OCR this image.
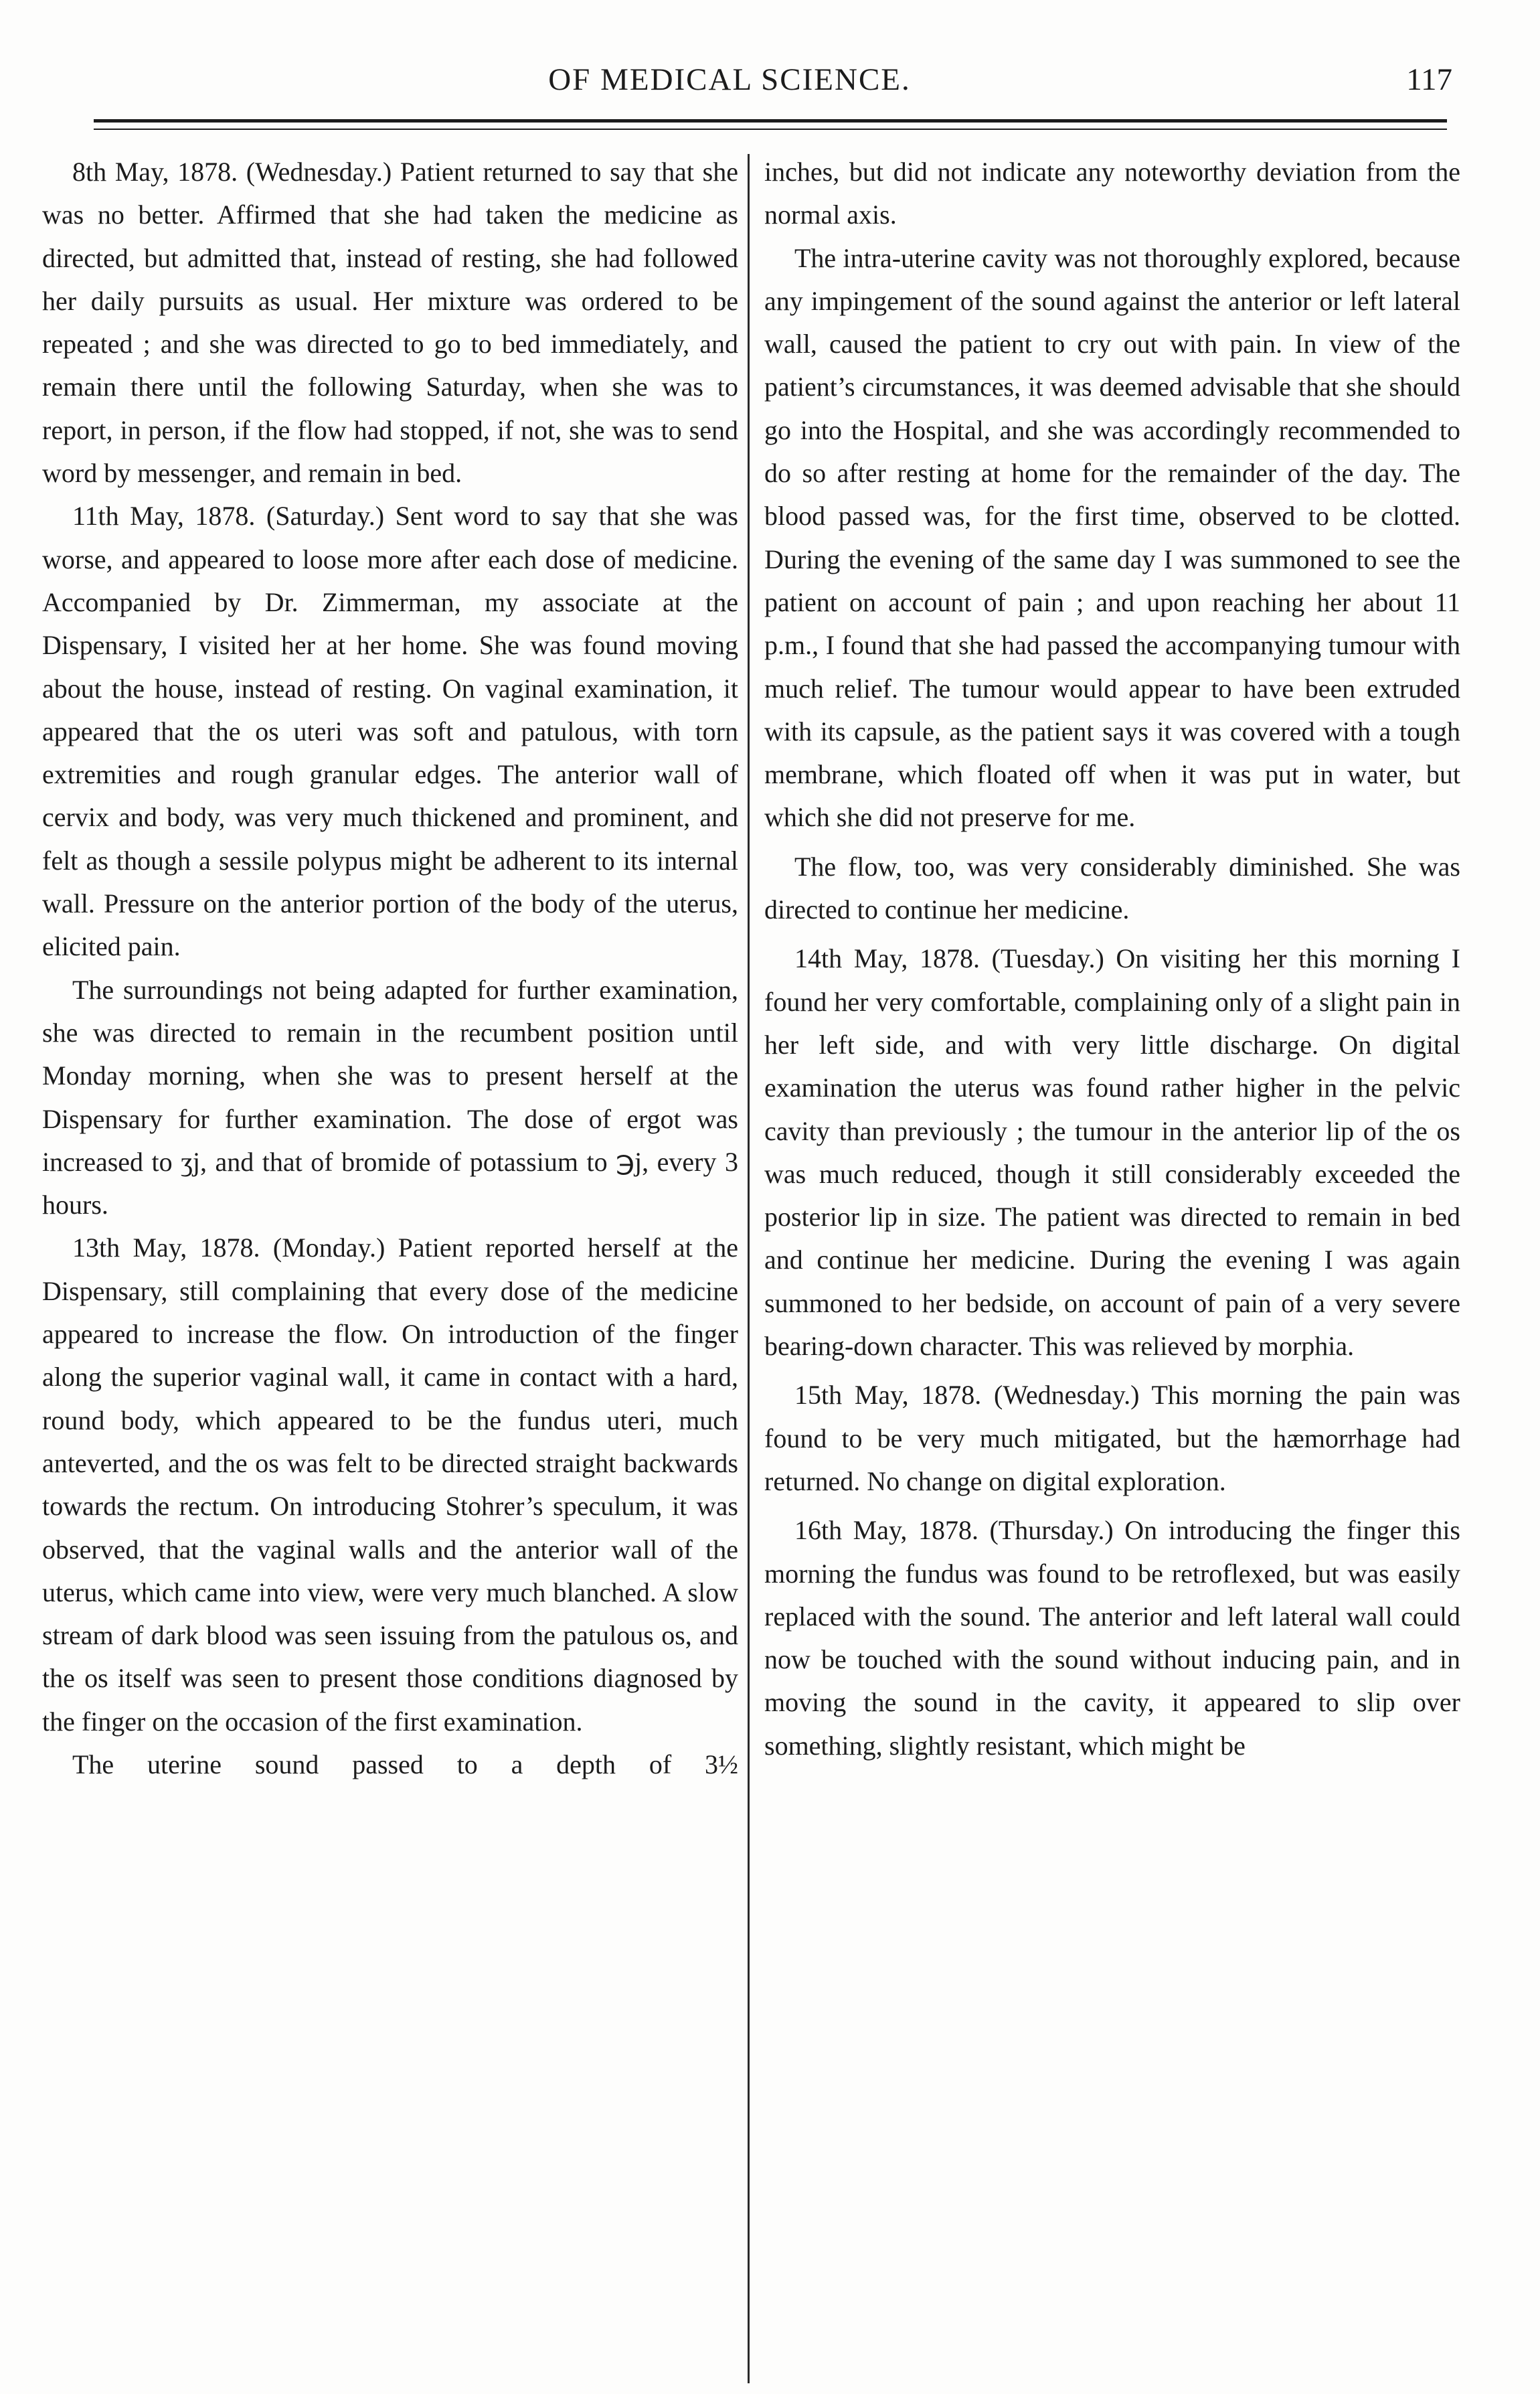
OF MEDICAL SCIENCE.	117

8th May, 1878. (Wednesday.) Patient returned to say that she was no better. Affirmed that she had taken the medicine as directed, but admitted that, instead of resting, she had followed her daily pursuits as usual. Her mixture was ordered to be repeated ; and she was directed to go to bed immediately, and remain there until the following Saturday, when she was to report, in person, if the flow had stopped, if not, she was to send word by messenger, and remain in bed.

11th May, 1878. (Saturday.) Sent word to say that she was worse, and appeared to loose more after each dose of medicine. Accompanied by Dr. Zimmerman, my associate at the Dispensary, I visited her at her home. She was found moving about the house, instead of resting. On vaginal examination, it appeared that the os uteri was soft and patulous, with torn extremities and rough granular edges. The anterior wall of cervix and body, was very much thickened and prominent, and felt as though a sessile polypus might be adherent to its internal wall. Pressure on the anterior portion of the body of the uterus, elicited pain.

The surroundings not being adapted for further examination, she was directed to remain in the recumbent position until Monday morning, when she was to present herself at the Dispensary for further examination. The dose of ergot was increased to ʒj, and that of bromide of potassium to ℈j, every 3 hours.

13th May, 1878. (Monday.) Patient reported herself at the Dispensary, still complaining that every dose of the medicine appeared to increase the flow. On introduction of the finger along the superior vaginal wall, it came in contact with a hard, round body, which appeared to be the fundus uteri, much anteverted, and the os was felt to be directed straight backwards towards the rectum. On introducing Stohrer’s speculum, it was observed, that the vaginal walls and the anterior wall of the uterus, which came into view, were very much blanched. A slow stream of dark blood was seen issuing from the patulous os, and the os itself was seen to present those conditions diagnosed by the finger on the occasion of the first examination.

The uterine sound passed to a depth of 3½

inches, but did not indicate any noteworthy deviation from the normal axis.

The intra-uterine cavity was not thoroughly explored, because any impingement of the sound against the anterior or left lateral wall, caused the patient to cry out with pain. In view of the patient’s circumstances, it was deemed advisable that she should go into the Hospital, and she was accordingly recommended to do so after resting at home for the remainder of the day. The blood passed was, for the first time, observed to be clotted. During the evening of the same day I was summoned to see the patient on account of pain ; and upon reaching her about 11 p.m., I found that she had passed the accompanying tumour with much relief. The tumour would appear to have been extruded with its capsule, as the patient says it was covered with a tough membrane, which floated off when it was put in water, but which she did not preserve for me.

The flow, too, was very considerably diminished. She was directed to continue her medicine.

14th May, 1878. (Tuesday.) On visiting her this morning I found her very comfortable, complaining only of a slight pain in her left side, and with very little discharge. On digital examination the uterus was found rather higher in the pelvic cavity than previously ; the tumour in the anterior lip of the os was much reduced, though it still considerably exceeded the posterior lip in size. The patient was directed to remain in bed and continue her medicine. During the evening I was again summoned to her bedside, on account of pain of a very severe bearing-down character. This was relieved by morphia.

15th May, 1878. (Wednesday.) This morning the pain was found to be very much mitigated, but the hæmorrhage had returned. No change on digital exploration.

16th May, 1878. (Thursday.) On introducing the finger this morning the fundus was found to be retroflexed, but was easily replaced with the sound. The anterior and left lateral wall could now be touched with the sound without inducing pain, and in moving the sound in the cavity, it appeared to slip over something, slightly resistant, which might be
